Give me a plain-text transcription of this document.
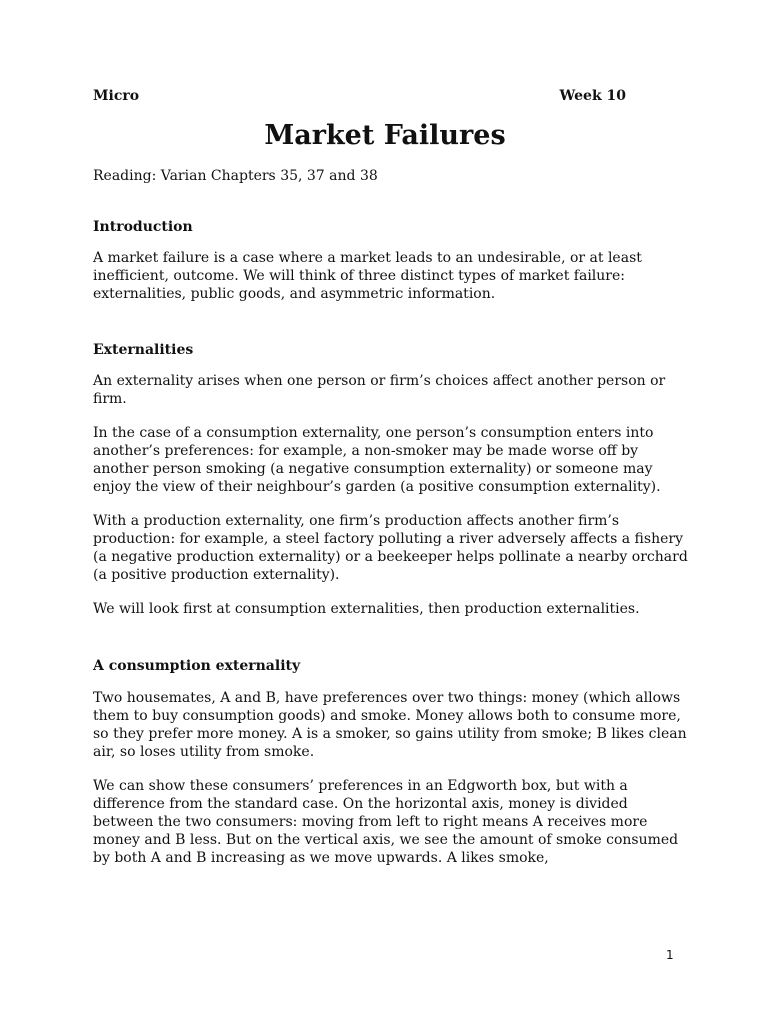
Micro	Week 10
Market Failures
Reading: Varian Chapters 35, 37 and 38
Introduction

A market failure is a case where a market leads to an undesirable, or at least inefficient, outcome. We will think of three distinct types of market failure: externalities, public goods, and asymmetric information.

Externalities

An externality arises when one person or firm’s choices affect another person or firm.

In the case of a consumption externality, one person’s consumption enters into another’s preferences: for example, a non-smoker may be made worse off by another person smoking (a negative consumption externality) or someone may enjoy the view of their neighbour’s garden (a positive consumption externality).

With a production externality, one firm’s production affects another firm’s production: for example, a steel factory polluting a river adversely affects a fishery (a negative production externality) or a beekeeper helps pollinate a nearby orchard (a positive production externality).

We will look first at consumption externalities, then production externalities.

A consumption externality

Two housemates, A and B, have preferences over two things: money (which allows them to buy consumption goods) and smoke. Money allows both to consume more, so they prefer more money. A is a smoker, so gains utility from smoke; B likes clean air, so loses utility from smoke.

We can show these consumers’ preferences in an Edgworth box, but with a difference from the standard case. On the horizontal axis, money is divided between the two consumers: moving from left to right means A receives more money and B less. But on the vertical axis, we see the amount of smoke consumed by both A and B increasing as we move upwards. A likes smoke,

1
